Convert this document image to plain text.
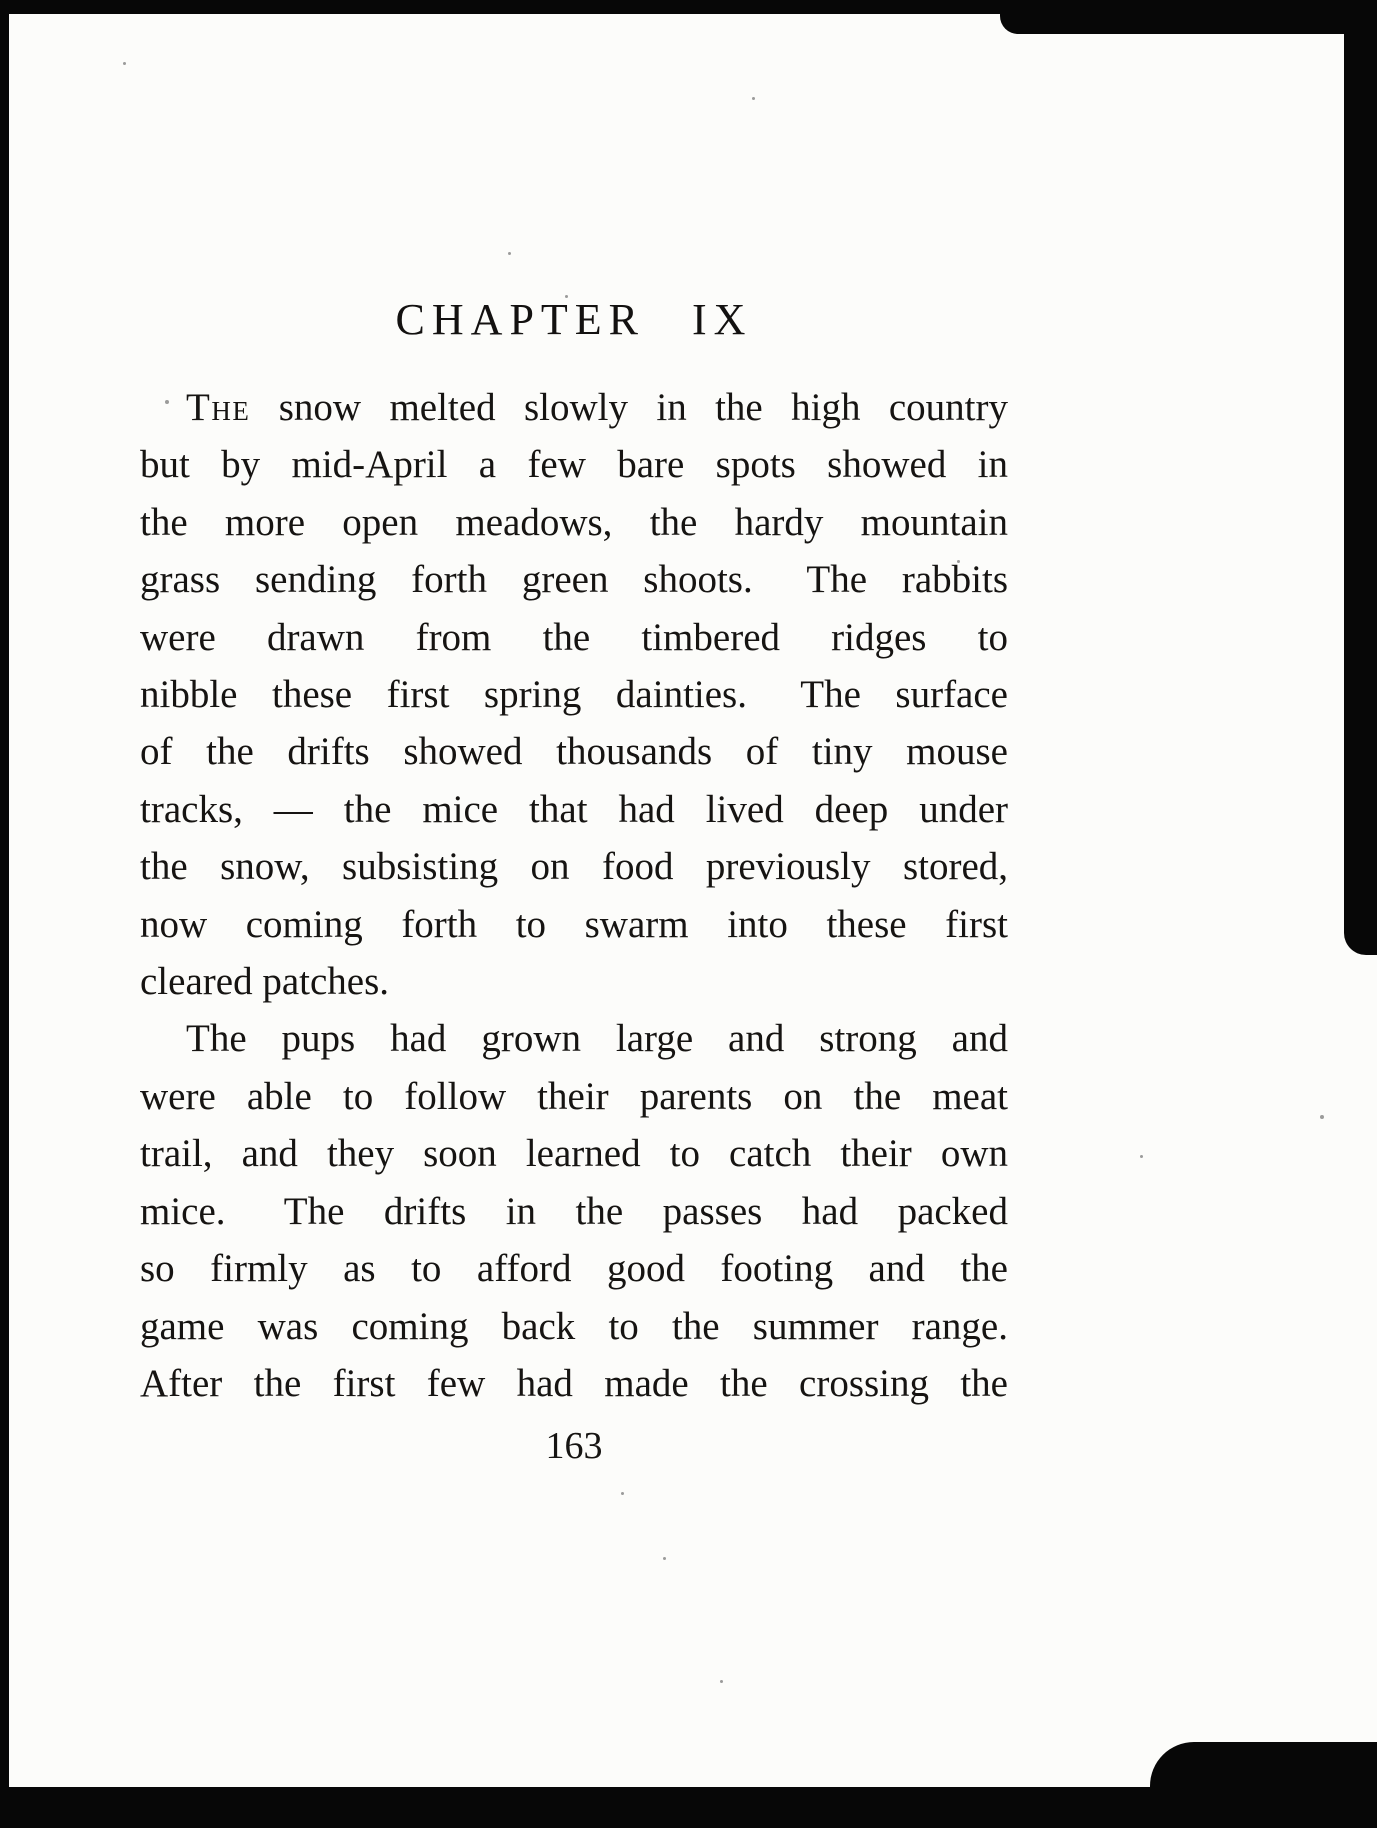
CHAPTER  IX
The snow melted slowly in the high country
but by mid-April a few bare spots showed in
the more open meadows, the hardy mountain
grass sending forth green shoots.  The rabbits
were drawn from the timbered ridges to
nibble these first spring dainties.  The surface
of the drifts showed thousands of tiny mouse
tracks, — the mice that had lived deep under
the snow, subsisting on food previously stored,
now coming forth to swarm into these first
cleared patches.
The pups had grown large and strong and
were able to follow their parents on the meat
trail, and they soon learned to catch their own
mice.  The drifts in the passes had packed
so firmly as to afford good footing and the
game was coming back to the summer range.
After the first few had made the crossing the
163
